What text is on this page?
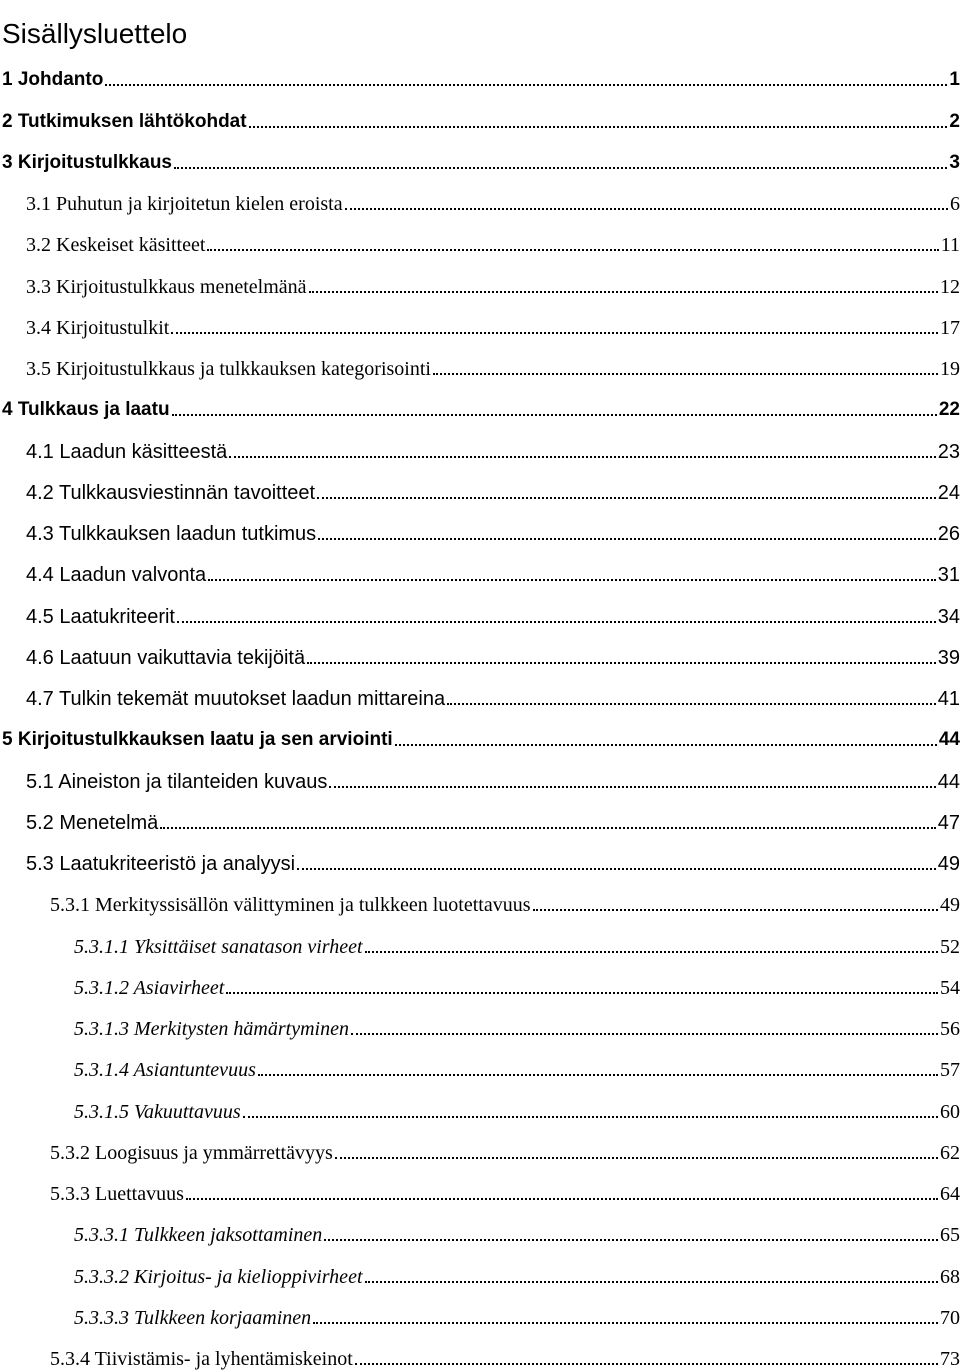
Sisällysluettelo
1 Johdanto	1
2 Tutkimuksen lähtökohdat	2
3 Kirjoitustulkkaus	3
3.1 Puhutun ja kirjoitetun kielen eroista	6
3.2 Keskeiset käsitteet	11
3.3 Kirjoitustulkkaus menetelmänä	12
3.4 Kirjoitustulkit	17
3.5 Kirjoitustulkkaus ja tulkkauksen kategorisointi	19
4 Tulkkaus ja laatu	22
4.1 Laadun käsitteestä	23
4.2 Tulkkausviestinnän tavoitteet	24
4.3 Tulkkauksen laadun tutkimus	26
4.4 Laadun valvonta	31
4.5 Laatukriteerit	34
4.6 Laatuun vaikuttavia tekijöitä	39
4.7 Tulkin tekemät muutokset laadun mittareina	41
5 Kirjoitustulkkauksen laatu ja sen arviointi	44
5.1 Aineiston ja tilanteiden kuvaus	44
5.2 Menetelmä	47
5.3 Laatukriteeristö ja analyysi	49
5.3.1 Merkityssisällön välittyminen ja tulkkeen luotettavuus	49
5.3.1.1 Yksittäiset sanatason virheet	52
5.3.1.2 Asiavirheet	54
5.3.1.3 Merkitysten hämärtyminen	56
5.3.1.4 Asiantuntevuus	57
5.3.1.5 Vakuuttavuus	60
5.3.2 Loogisuus ja ymmärrettävyys	62
5.3.3 Luettavuus	64
5.3.3.1 Tulkkeen jaksottaminen	65
5.3.3.2 Kirjoitus- ja kielioppivirheet	68
5.3.3.3 Tulkkeen korjaaminen	70
5.3.4 Tiivistämis- ja lyhentämiskeinot	73
